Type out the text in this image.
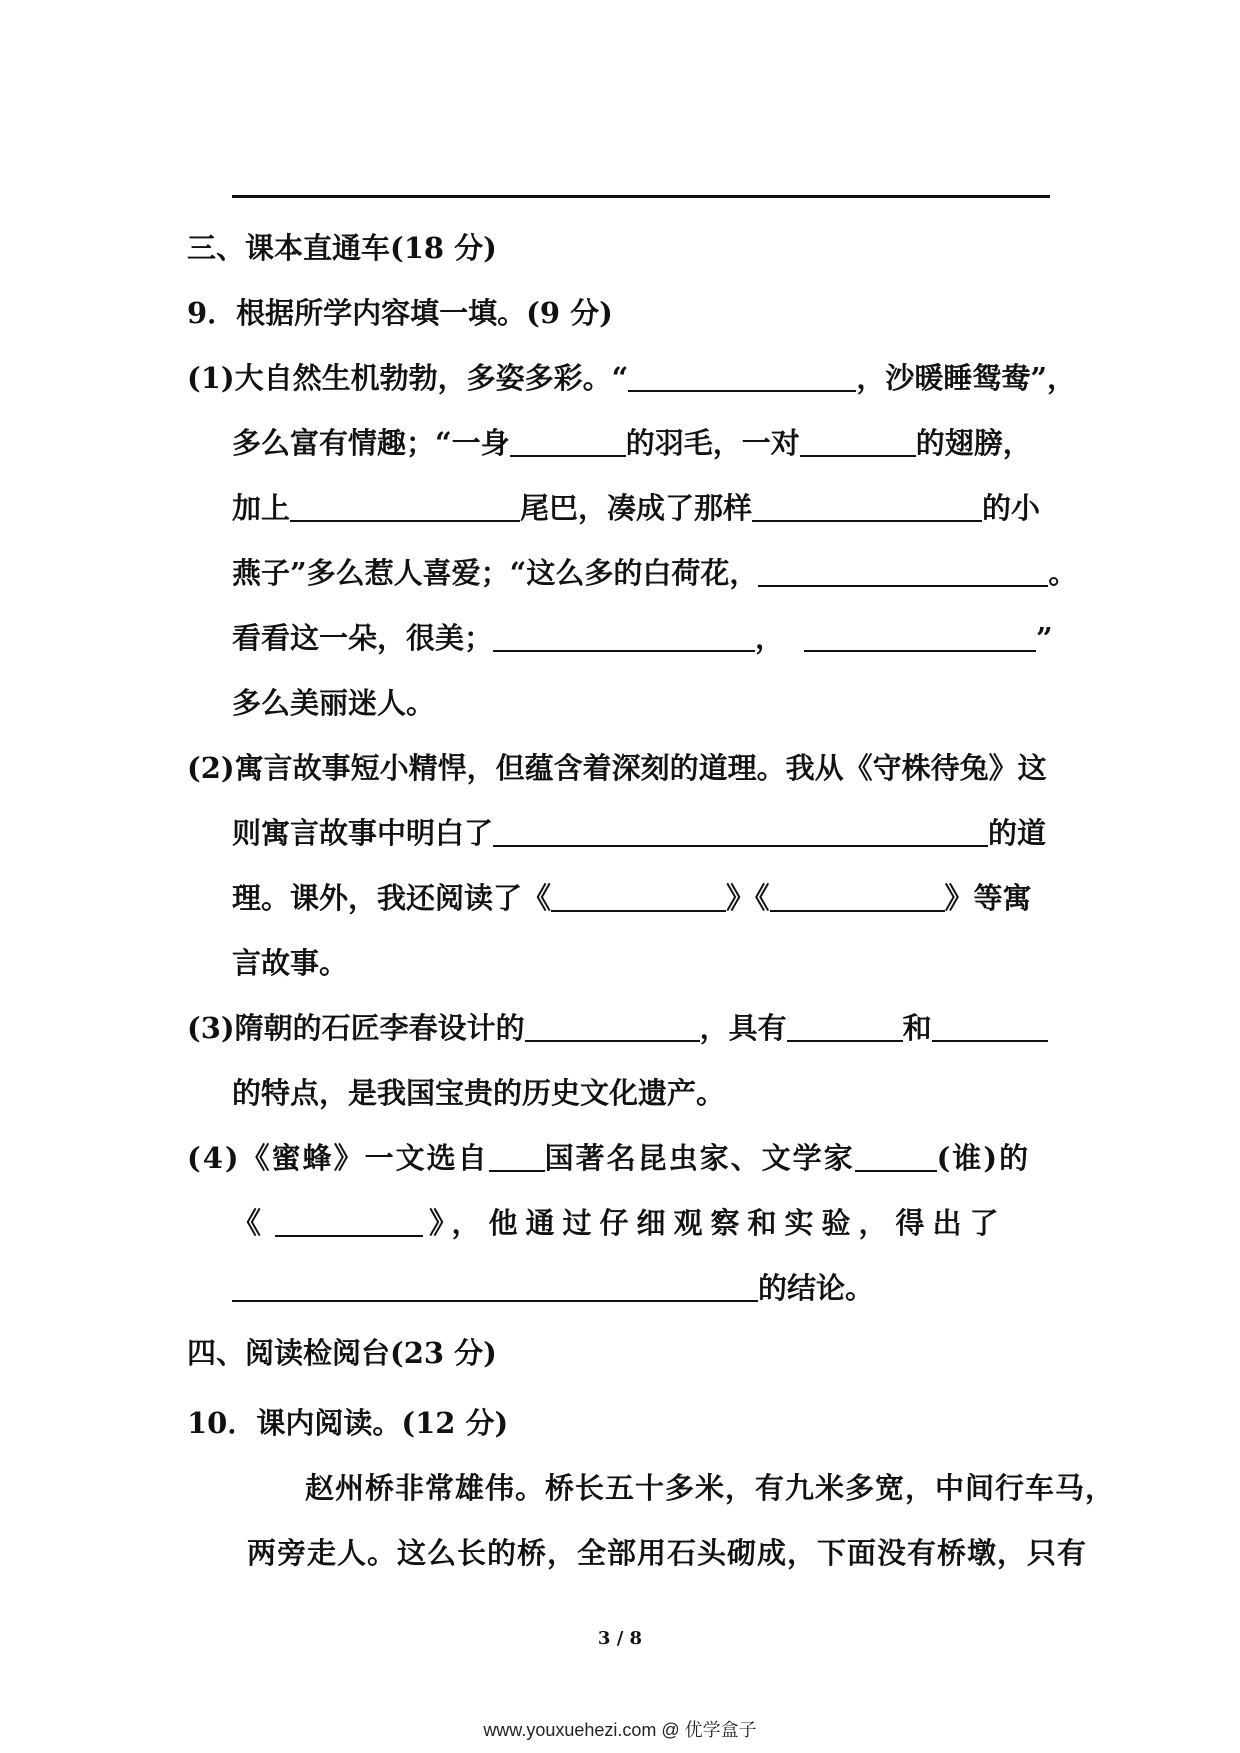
三、课本直通车(18 分)
9．根据所学内容填一填。(9 分)
(1)大自然生机勃勃，多姿多彩。“	，沙暖睡鸳鸯”，
多么富有情趣；“一身	的羽毛，一对	的翅膀，
加上	尾巴，凑成了那样	的小
燕子”多么惹人喜爱；“这么多的白荷花，	。
看看这一朵，很美；	，	”
多么美丽迷人。
(2)寓言故事短小精悍，但蕴含着深刻的道理。我从《守株待兔》这
则寓言故事中明白了	的道
理。课外，我还阅读了《	》《	》等寓
言故事。
(3)隋朝的石匠李春设计的	，具有	和
的特点，是我国宝贵的历史文化遗产。
(4)《蜜蜂》一文选自 国著名昆虫家、文学家	(谁)的
《	》，他通过仔细观察和实验，得出了
的结论。
四、阅读检阅台(23 分)
10．课内阅读。(12 分)
赵州桥非常雄伟。桥长五十多米，有九米多宽，中间行车马，
两旁走人。这么长的桥，全部用石头砌成，下面没有桥墩，只有
3 / 8
www.youxuehezi.com @ 优学盒子
